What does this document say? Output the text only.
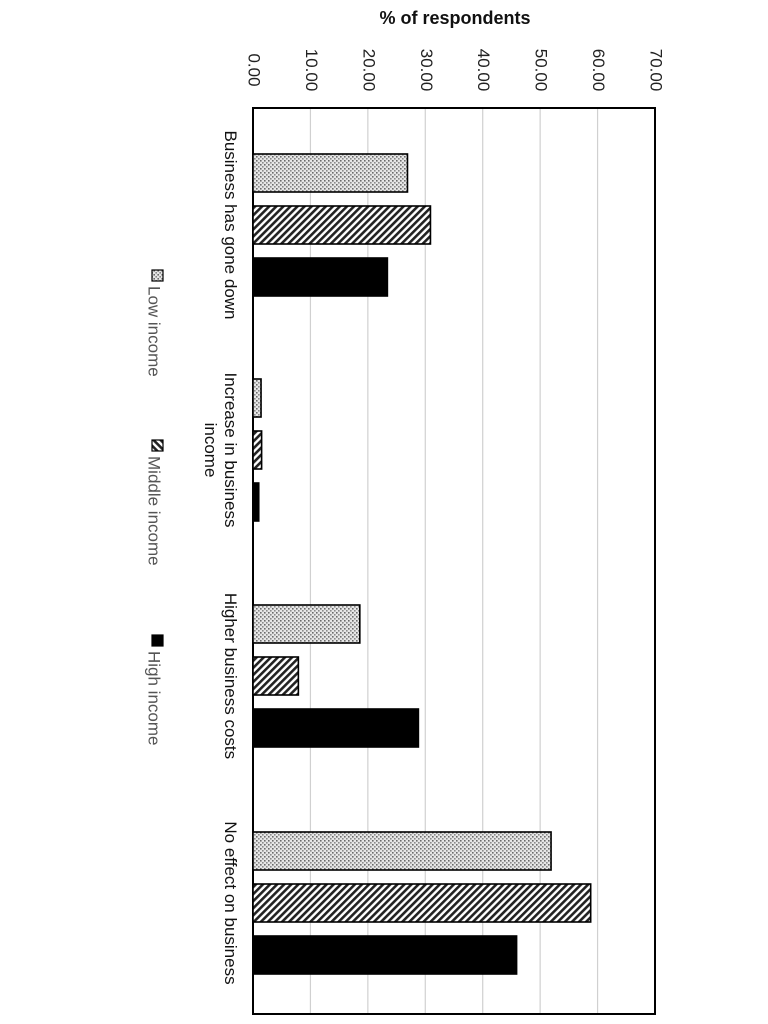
0.00 10.00 20.00 30.00 40.00 50.00 60.00 70.00
% of respondents
Business has gone down
Increase in businessincome
Higher business costs
No effect on business
Low income
Middle income
High income
